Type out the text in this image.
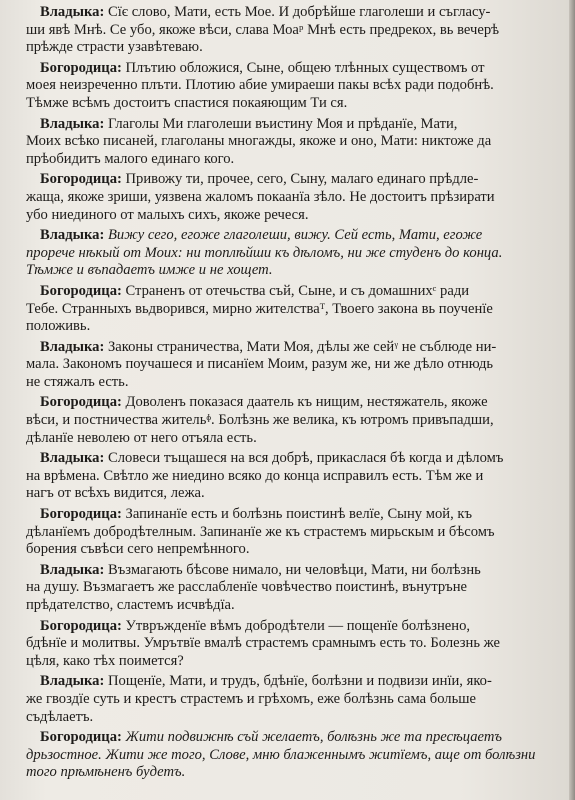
Владыка: Сїє слово, Мати, есть Мое. И добрѣйше глаголеши и съгласу-
ши явѣ Мнѣ. Се убо, якоже вѣси, слава Моаᵖ Мнѣ есть предрекох, вь вечерѣ
прѣжде страсти узавѣтеваю.
Богородица: Плътию обложися, Сыне, общею тлѣнных существомъ от
моея неизреченно плъти. Плотию абие умираеши пакы всѣх ради подобнѣ.
Тѣмже всѣмъ достоитъ спастися покаяющим Ти ся.
Владыка: Глаголы Ми глаголеши въистину Моя и прѣданїе, Мати,
Моих всѣко писаней, глаголаны многажды, якоже и оно, Мати: никтоже да
прѣобидитъ малого единагo кого.
Богородица: Привожу ти, прочее, сего, Сыну, малаго единаго прѣдле-
жаща, якоже зриши, уязвена жаломъ покаанїа зѣло. Не достоитъ прѣзирати
убо ниединого от малыхъ сихъ, якоже речеся.
Владыка: Вижу сего, егоже глаголеши, вижу. Сей есть, Мати, егоже
прорече нѣкый от Моих: ни топлѣйши къ дѣломъ, ни же студенъ до конца.
Тѣмже и въпадаетъ имже и не хощет.
Богородица: Страненъ от отечьства съй, Сыне, и съ домашнихᶜ ради
Тебе. Странныхъ вьдворився, мирно жителстваᵀ, Твоего закона вь поученїе
положивь.
Владыка: Законы страничества, Мати Моя, дѣлы же сейᵞ не съблюде ни-
мала. Закономъ поучашеся и писанїем Моим, разум же, ни же дѣло отнюдь
не стяжалъ есть.
Богородица: Доволенъ показася даатель къ нищим, нестяжатель, якоже
вѣси, и постничества жительᶲ. Болѣзнь же велика, къ ютромъ привъпадши,
дѣланїе неволею от него отъяла есть.
Владыка: Словеси тъщашеся на вся добрѣ, прикаслася бѣ когда и дѣломъ
на врѣмена. Свѣтло же ниедино всяко до конца исправилъ есть. Тѣм же и
нагъ от всѣхъ видится, лежа.
Богородица: Запинанїе есть и болѣзнь поистинѣ велїе, Сыну мой, къ
дѣланїемъ добродѣтелным. Запинанїе же къ страстемъ мирьскым и бѣсомъ
борения съвѣси сего непремѣнного.
Владыка: Възмагають бѣсове нимало, ни человѣци, Мати, ни болѣзнь
на душу. Възмагаетъ же расслабленїе човѣчество поистинѣ, вънутръне
прѣдателство, сластемъ исчвѣдїа.
Богородица: Утвръжденїе вѣмъ добродѣтели — пощенїе болѣзнено,
бдѣнїе и молитвы. Умрътвїе вмалѣ страстемъ срамнымъ есть то. Болезнь же
цѣля, како тѣх поимется?
Владыка: Пощенїе, Мати, и трудъ, бдѣнїе, болѣзни и подвизи инїи, яко-
же гвоздїе суть и крестъ страстемъ и грѣхомъ, еже болѣзнь сама больше
съдѣлаетъ.
Богородица: Жити подвижнѣ съй желаетъ, болѣзнь же та пресѣцаетъ
дрьзостное. Жити же того, Слове, мню блаженнымъ житїемъ, аще от болѣзни
того прѣмѣненъ будетъ.
